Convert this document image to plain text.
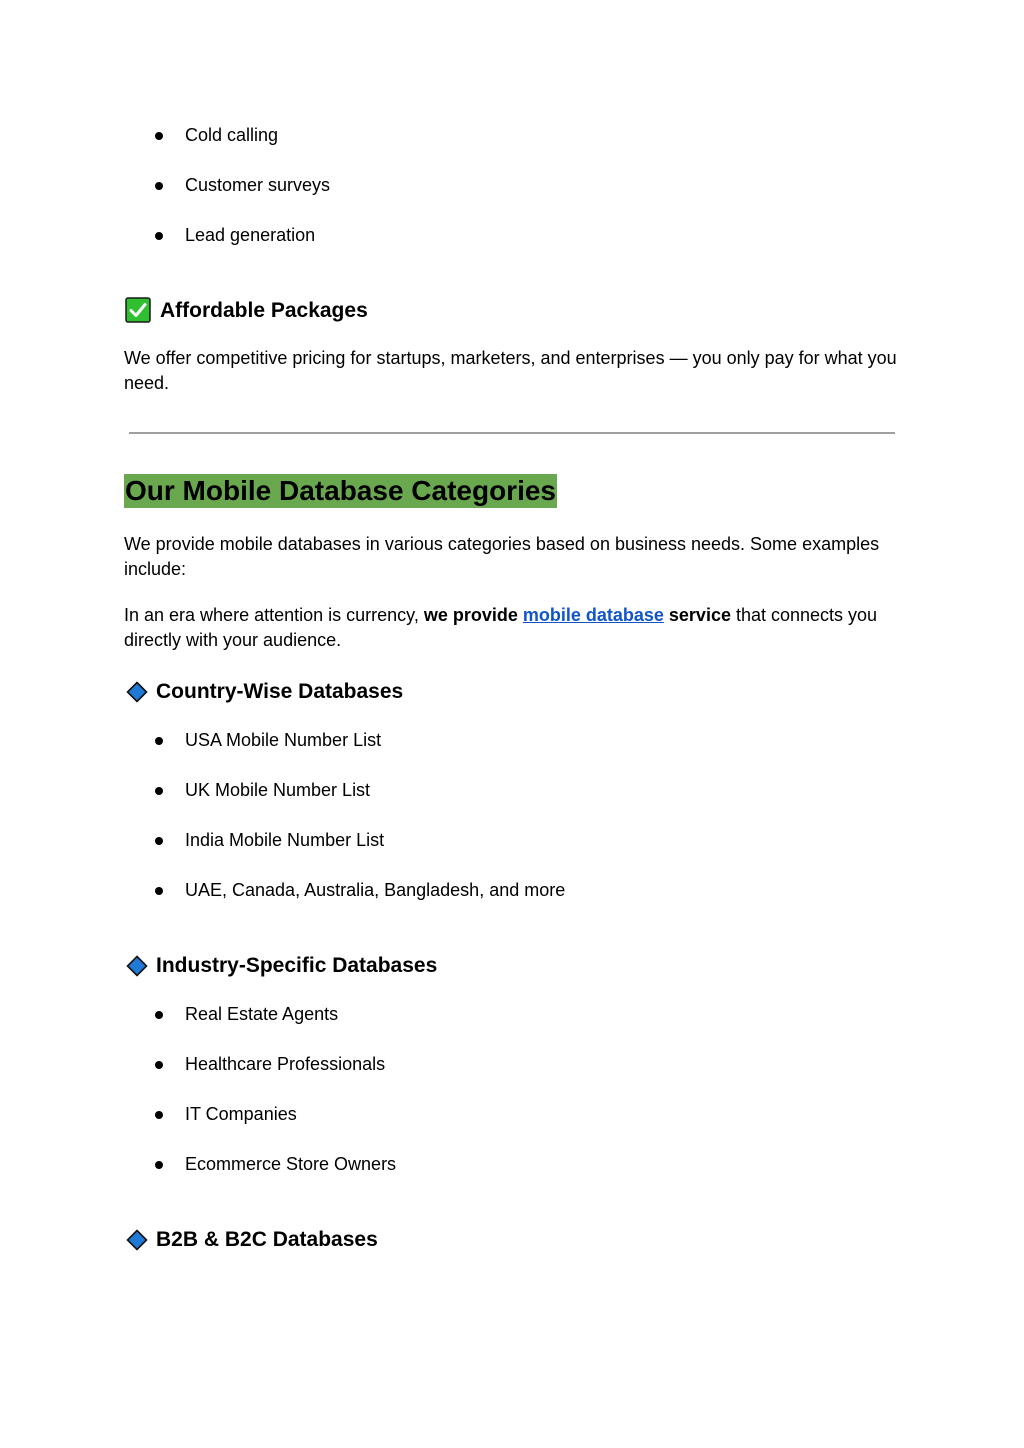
Cold calling
Customer surveys
Lead generation
Affordable Packages
We offer competitive pricing for startups, marketers, and enterprises — you only pay for what you need.
Our Mobile Database Categories
We provide mobile databases in various categories based on business needs. Some examples include:
In an era where attention is currency, we provide mobile database service that connects you directly with your audience.
Country-Wise Databases
USA Mobile Number List
UK Mobile Number List
India Mobile Number List
UAE, Canada, Australia, Bangladesh, and more
Industry-Specific Databases
Real Estate Agents
Healthcare Professionals
IT Companies
Ecommerce Store Owners
B2B & B2C Databases
